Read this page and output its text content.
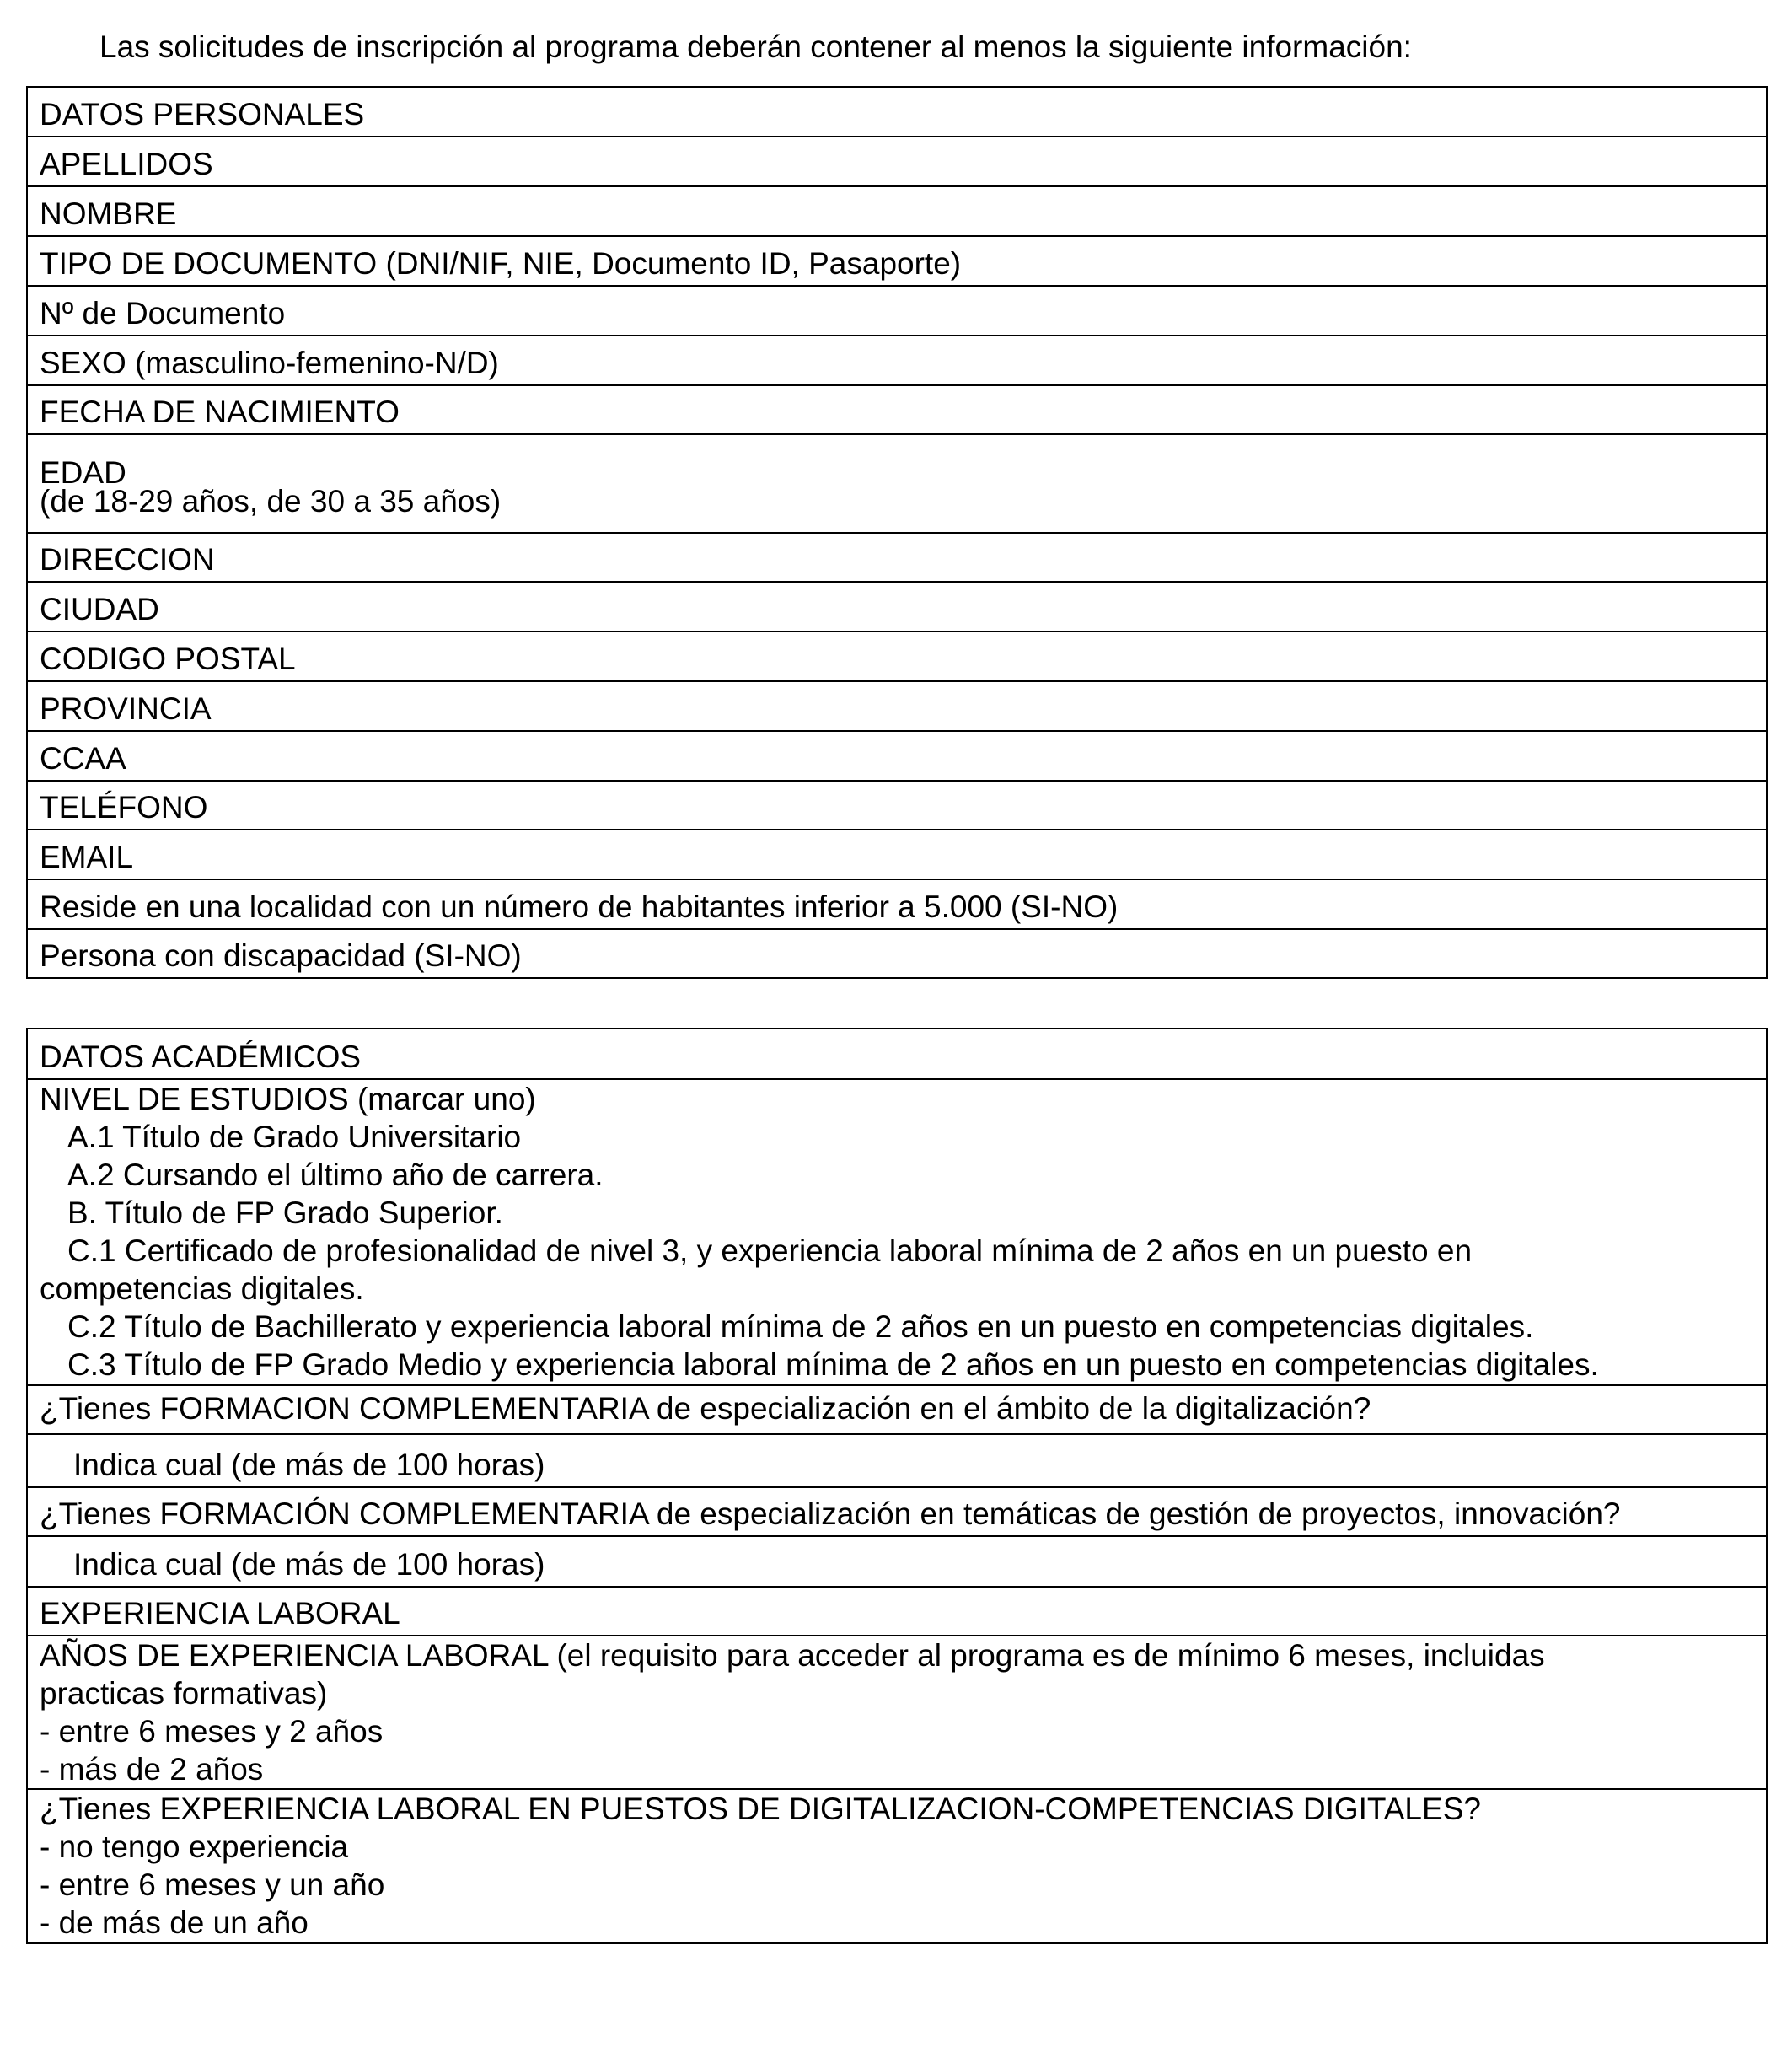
Las solicitudes de inscripción al programa deberán contener al menos la siguiente información:

DATOS PERSONALES
APELLIDOS
NOMBRE
TIPO DE DOCUMENTO (DNI/NIF, NIE, Documento ID, Pasaporte)
Nº de Documento
SEXO (masculino-femenino-N/D)
FECHA DE NACIMIENTO
EDAD
(de 18-29 años, de 30 a 35 años)
DIRECCION
CIUDAD
CODIGO POSTAL
PROVINCIA
CCAA
TELÉFONO
EMAIL
Reside en una localidad con un número de habitantes inferior a 5.000 (SI-NO)
Persona con discapacidad (SI-NO)
DATOS ACADÉMICOS
NIVEL DE ESTUDIOS (marcar uno)
A.1 Título de Grado Universitario
A.2 Cursando el último año de carrera.
B. Título de FP Grado Superior.
C.1 Certificado de profesionalidad de nivel 3, y experiencia laboral mínima de 2 años en un puesto en
competencias digitales.
C.2 Título de Bachillerato y experiencia laboral mínima de 2 años en un puesto en competencias digitales.
C.3 Título de FP Grado Medio y experiencia laboral mínima de 2 años en un puesto en competencias digitales.
¿Tienes FORMACION COMPLEMENTARIA de especialización en el ámbito de la digitalización?
Indica cual (de más de 100 horas)
¿Tienes FORMACIÓN COMPLEMENTARIA de especialización en temáticas de gestión de proyectos, innovación?
Indica cual (de más de 100 horas)
EXPERIENCIA LABORAL
AÑOS DE EXPERIENCIA LABORAL (el requisito para acceder al programa es de mínimo 6 meses, incluidas
practicas formativas)
- entre 6 meses y 2 años
- más de 2 años
¿Tienes EXPERIENCIA LABORAL EN PUESTOS DE DIGITALIZACION-COMPETENCIAS DIGITALES?
- no tengo experiencia
- entre 6 meses y un año
- de más de un año
